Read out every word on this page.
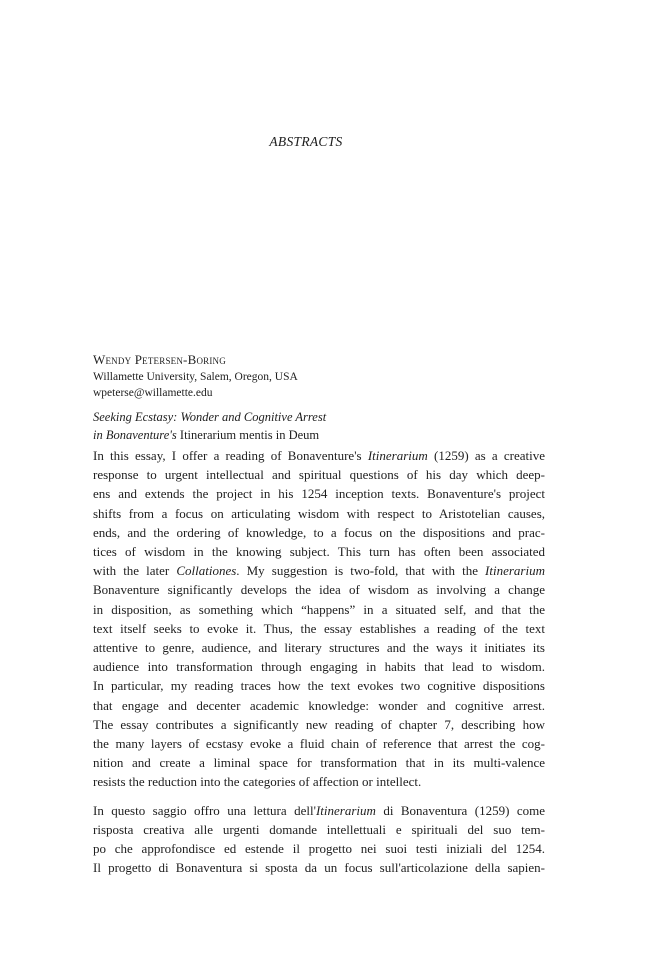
ABSTRACTS
Wendy Petersen-Boring
Willamette University, Salem, Oregon, USA
wpeterse@willamette.edu
Seeking Ecstasy: Wonder and Cognitive Arrest
in Bonaventure's Itinerarium mentis in Deum

In this essay, I offer a reading of Bonaventure's Itinerarium (1259) as a creative
response to urgent intellectual and spiritual questions of his day which deep-
ens and extends the project in his 1254 inception texts. Bonaventure's project
shifts from a focus on articulating wisdom with respect to Aristotelian causes,
ends, and the ordering of knowledge, to a focus on the dispositions and prac-
tices of wisdom in the knowing subject. This turn has often been associated
with the later Collationes. My suggestion is two-fold, that with the Itinerarium
Bonaventure significantly develops the idea of wisdom as involving a change
in disposition, as something which “happens” in a situated self, and that the
text itself seeks to evoke it. Thus, the essay establishes a reading of the text
attentive to genre, audience, and literary structures and the ways it initiates its
audience into transformation through engaging in habits that lead to wisdom.
In particular, my reading traces how the text evokes two cognitive dispositions
that engage and decenter academic knowledge: wonder and cognitive arrest.
The essay contributes a significantly new reading of chapter 7, describing how
the many layers of ecstasy evoke a fluid chain of reference that arrest the cog-
nition and create a liminal space for transformation that in its multi-valence
resists the reduction into the categories of affection or intellect.

In questo saggio offro una lettura dell'Itinerarium di Bonaventura (1259) come
risposta creativa alle urgenti domande intellettuali e spirituali del suo tem-
po che approfondisce ed estende il progetto nei suoi testi iniziali del 1254.
Il progetto di Bonaventura si sposta da un focus sull'articolazione della sapien-
